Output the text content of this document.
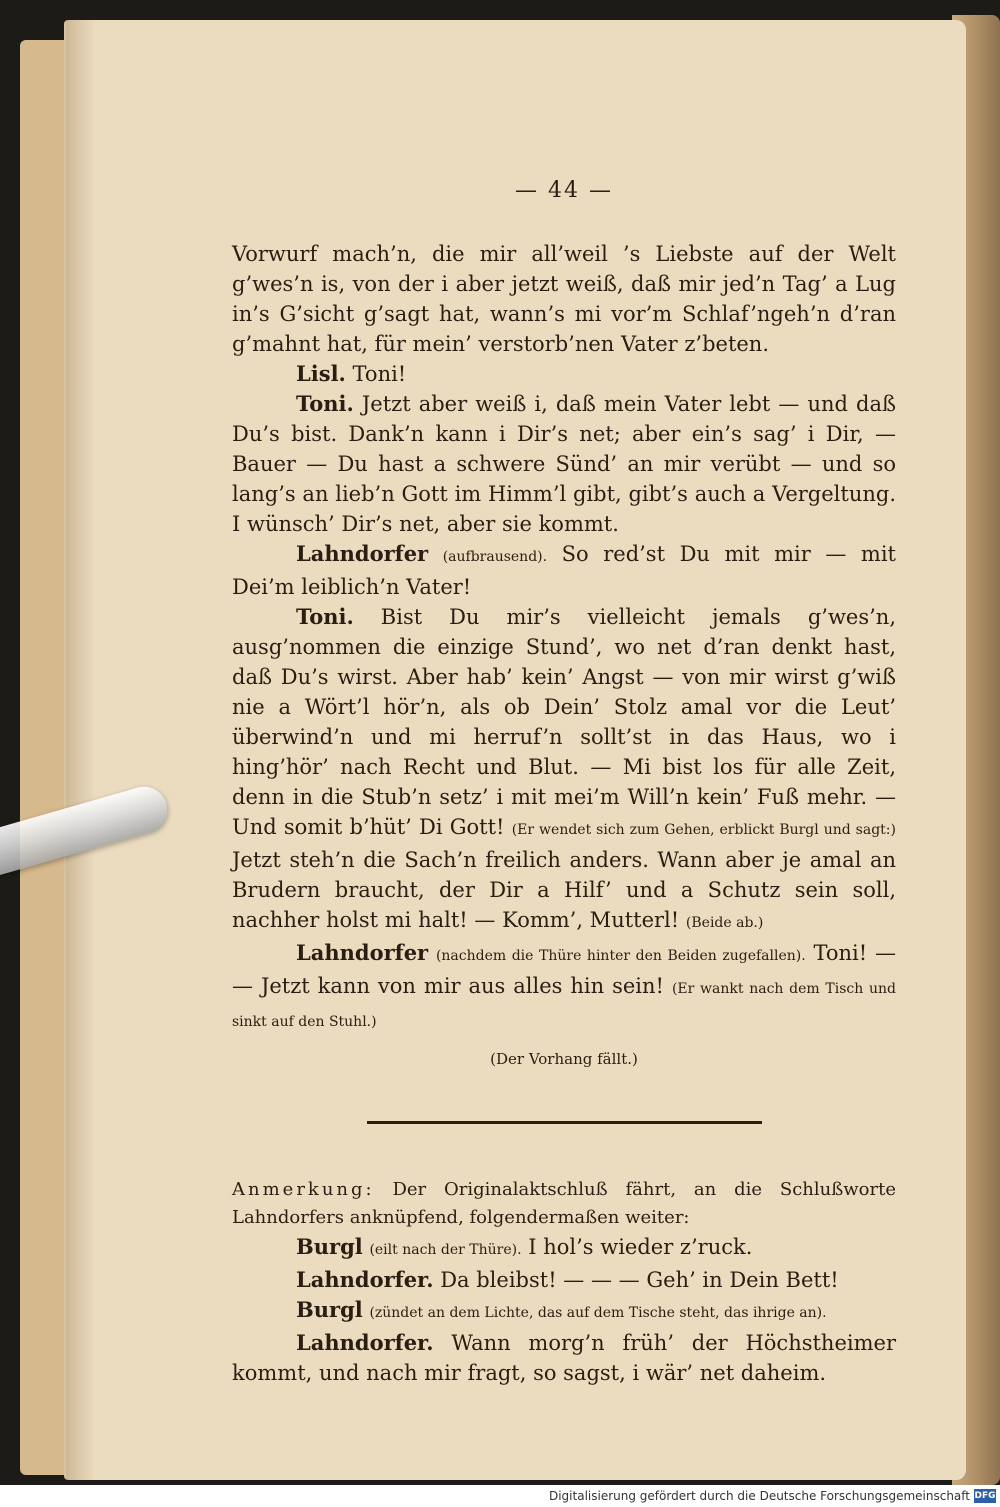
— 44 —

Vorwurf mach’n, die mir all’weil ’s Liebste auf der Welt g’wes’n is, von der i aber jetzt weiß, daß mir jed’n Tag’ a Lug in’s G’sicht g’sagt hat, wann’s mi vor’m Schlaf’ngeh’n d’ran g’mahnt hat, für mein’ verstorb’nen Vater z’beten.

Lisl. Toni!

Toni. Jetzt aber weiß i, daß mein Vater lebt — und daß Du’s bist. Dank’n kann i Dir’s net; aber ein’s sag’ i Dir, — Bauer — Du hast a schwere Sünd’ an mir verübt — und so lang’s an lieb’n Gott im Himm’l gibt, gibt’s auch a Vergeltung. I wünsch’ Dir’s net, aber sie kommt.

Lahndorfer (aufbrausend). So red’st Du mit mir — mit Dei’m leiblich’n Vater!

Toni. Bist Du mir’s vielleicht jemals g’wes’n, ausg’nommen die einzige Stund’, wo net d’ran denkt hast, daß Du’s wirst. Aber hab’ kein’ Angst — von mir wirst g’wiß nie a Wört’l hör’n, als ob Dein’ Stolz amal vor die Leut’ überwind’n und mi herruf’n sollt’st in das Haus, wo i hing’hör’ nach Recht und Blut. — Mi bist los für alle Zeit, denn in die Stub’n setz’ i mit mei’m Will’n kein’ Fuß mehr. — Und somit b’hüt’ Di Gott! (Er wendet sich zum Gehen, erblickt Burgl und sagt:) Jetzt steh’n die Sach’n freilich anders. Wann aber je amal an Brudern braucht, der Dir a Hilf’ und a Schutz sein soll, nachher holst mi halt! — Komm’, Mutterl! (Beide ab.)

Lahndorfer (nachdem die Thüre hinter den Beiden zugefallen). Toni! — — Jetzt kann von mir aus alles hin sein! (Er wankt nach dem Tisch und sinkt auf den Stuhl.)

(Der Vorhang fällt.)

Anmerkung: Der Originalaktschluß fährt, an die Schlußworte Lahndorfers anknüpfend, folgendermaßen weiter:

Burgl (eilt nach der Thüre). I hol’s wieder z’ruck.

Lahndorfer. Da bleibst! — — — Geh’ in Dein Bett!

Burgl (zündet an dem Lichte, das auf dem Tische steht, das ihrige an).

Lahndorfer. Wann morg’n früh’ der Höchstheimer kommt, und nach mir fragt, so sagst, i wär’ net daheim.

Digitalisierung gefördert durch die Deutsche Forschungsgemeinschaft DFG
